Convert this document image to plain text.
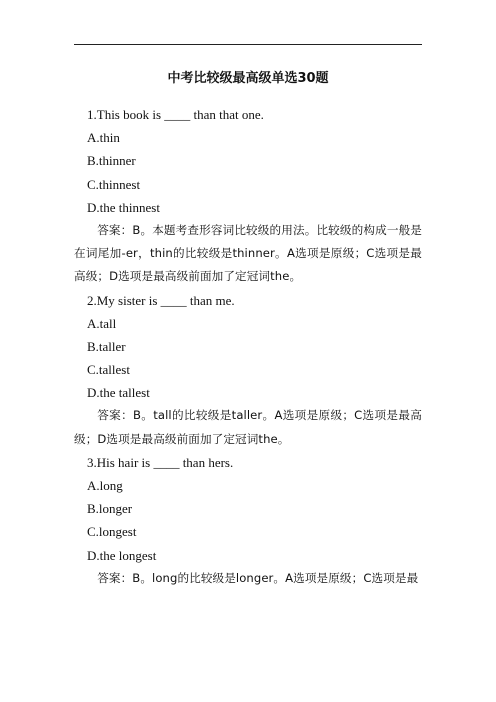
中考比较级最高级单选30题
1.This book is ____ than that one.
A.thin
B.thinner
C.thinnest
D.the thinnest
答案：B。本题考查形容词比较级的用法。比较级的构成一般是在词尾加-er，thin的比较级是thinner。A选项是原级；C选项是最高级；D选项是最高级前面加了定冠词the。
2.My sister is ____ than me.
A.tall
B.taller
C.tallest
D.the tallest
答案：B。tall的比较级是taller。A选项是原级；C选项是最高级；D选项是最高级前面加了定冠词the。
3.His hair is ____ than hers.
A.long
B.longer
C.longest
D.the longest
答案：B。long的比较级是longer。A选项是原级；C选项是最
